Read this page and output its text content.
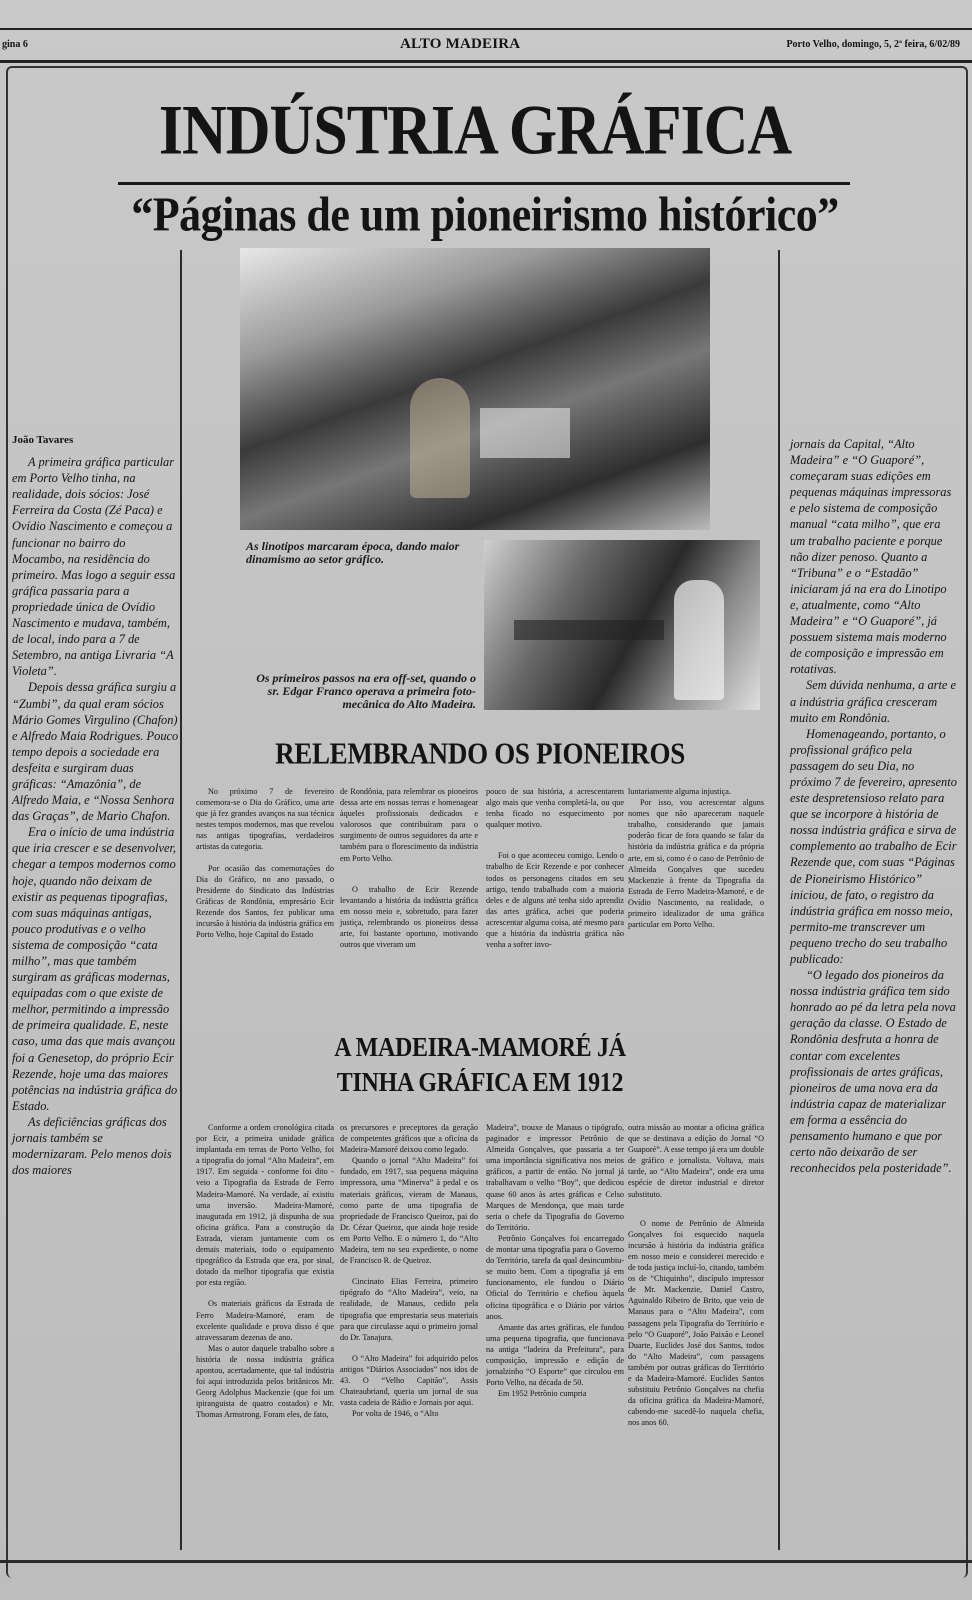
gina 6	ALTO MADEIRA	Porto Velho, domingo, 5, 2ª feira, 6/02/89
INDÚSTRIA GRÁFICA
“Páginas de um pioneirismo histórico”
João Tavares

A primeira gráfica particular em Porto Velho tinha, na realidade, dois sócios: José Ferreira da Costa (Zé Paca) e Ovídio Nascimento e começou a funcionar no bairro do Mocambo, na residência do primeiro. Mas logo a seguir essa gráfica passaria para a propriedade única de Ovídio Nascimento e mudava, também, de local, indo para a 7 de Setembro, na antiga Livraria “A Violeta”.

Depois dessa gráfica surgiu a “Zumbi”, da qual eram sócios Mário Gomes Virgulino (Chafon) e Alfredo Maia Rodrigues. Pouco tempo depois a sociedade era desfeita e surgiram duas gráficas: “Amazônia”, de Alfredo Maia, e “Nossa Senhora das Graças”, de Mario Chafon.

Era o início de uma indústria que iria crescer e se desenvolver, chegar a tempos modernos como hoje, quando não deixam de existir as pequenas tipografias, com suas máquinas antigas, pouco produtivas e o velho sistema de composição “cata milho”, mas que também surgiram as gráficas modernas, equipadas com o que existe de melhor, permitindo a impressão de primeira qualidade. E, neste caso, uma das que mais avançou foi a Genesetop, do próprio Ecir Rezende, hoje uma das maiores potências na indústria gráfica do Estado.

As deficiências gráficas dos jornais também se modernizaram. Pelo menos dois dos maiores

jornais da Capital, “Alto Madeira” e “O Guaporé”, começaram suas edições em pequenas máquinas impressoras e pelo sistema de composição manual “cata milho”, que era um trabalho paciente e porque não dizer penoso. Quanto a “Tribuna” e o “Estadão” iniciaram já na era do Linotipo e, atualmente, como “Alto Madeira” e “O Guaporé”, já possuem sistema mais moderno de composição e impressão em rotativas.

Sem dúvida nenhuma, a arte e a indústria gráfica cresceram muito em Rondônia.

Homenageando, portanto, o profissional gráfico pela passagem do seu Dia, no próximo 7 de fevereiro, apresento este despretensioso relato para que se incorpore à história de nossa indústria gráfica e sirva de complemento ao trabalho de Ecir Rezende que, com suas “Páginas de Pioneirismo Histórico” iniciou, de fato, o registro da indústria gráfica em nosso meio, permito-me transcrever um pequeno trecho do seu trabalho publicado:

“O legado dos pioneiros da nossa indústria gráfica tem sido honrado ao pé da letra pela nova geração da classe. O Estado de Rondônia desfruta a honra de contar com excelentes profissionais de artes gráficas, pioneiros de uma nova era da indústria capaz de materializar em forma a essência do pensamento humano e que por certo não deixarão de ser reconhecidos pela posteridade”.

As linotipos marcaram época, dando maior dinamismo ao setor gráfico.
Os primeiros passos na era off-set, quando o sr. Edgar Franco operava a primeira foto-mecânica do Alto Madeira.
RELEMBRANDO OS PIONEIROS

No próximo 7 de fevereiro comemora-se o Dia do Gráfico, uma arte que já fez grandes avanços na sua técnica nestes tempos modernos, mas que revelou nas antigas tipografias, verdadeiros artistas da categoria.

Por ocasião das comemorações do Dia do Gráfico, no ano passado, o Presidente do Sindicato das Indústrias Gráficas de Rondônia, empresário Ecir Rezende dos Santos, fez publicar uma incursão à história da indústria gráfica em Porto Velho, hoje Capital do Estado

de Rondônia, para relembrar os pioneiros dessa arte em nossas terras e homenagear àqueles profissionais dedicados e valorosos que contribuíram para o surgimento de outros seguidores da arte e também para o florescimento da indústria em Porto Velho.

O trabalho de Ecir Rezende levantando a história da indústria gráfica em nosso meio e, sobretudo, para fazer justiça, relembrando os pioneiros dessa arte, foi bastante oportuno, motivando outros que viveram um

pouco de sua história, a acrescentarem algo mais que venha completá-la, ou que tenha ficado no esquecimento por qualquer motivo.

Foi o que aconteceu comigo. Lendo o trabalho de Ecir Rezende e por conhecer todos os personagens citados em seu artigo, tendo trabalhado com a maioria deles e de alguns até tenha sido aprendiz das artes gráfica, achei que poderia acrescentar alguma coisa, até mesmo para que a história da indústria gráfica não venha a sofrer invo-

luntariamente alguma injustiça.

Por isso, vou acrescentar alguns nomes que não apareceram naquele trabalho, considerando que jamais poderão ficar de fora quando se falar da história da indústria gráfica e da própria arte, em si, como é o caso de Petrônio de Almeida Gonçalves que sucedeu Mackenzie à frente da Tipografia da Estrada de Ferro Madeira-Mamoré, e de Ovídio Nascimento, na realidade, o primeiro idealizador de uma gráfica particular em Porto Velho.

A MADEIRA-MAMORÉ JÁ
TINHA GRÁFICA EM 1912

Conforme a ordem cronológica citada por Ecir, a primeira unidade gráfica implantada em terras de Porto Velho, foi a tipografia do jornal “Alto Madeira”, em 1917. Em seguida - conforme foi dito - veio a Tipografia da Estrada de Ferro Madeira-Mamoré. Na verdade, aí existiu uma inversão. Madeira-Mamoré, inaugurada em 1912, já dispunha de sua oficina gráfica. Para a construção da Estrada, vieram juntamente com os demais materiais, todo o equipamento tipográfico da Estrada que era, por sinal, dotado da melhor tipografia que existia por esta região.

Os materiais gráficos da Estrada de Ferro Madeira-Mamoré, eram de excelente qualidade e prova disso é que atravessaram dezenas de ano.

Mas o autor daquele trabalho sobre a história de nossa indústria gráfica apontou, acertadamente, que tal indústria foi aqui introduzida pelos britânicos Mr. Georg Adolphus Mackenzie (que foi um ipiranguista de quatro costados) e Mr. Thomas Armstrong. Foram eles, de fato,

os precursores e preceptores da geração de competentes gráficos que a oficina da Madeira-Mamoré deixou como legado.

Quando o jornal “Alto Madeira” foi fundado, em 1917, sua pequena máquina impressora, uma “Minerva” à pedal e os materiais gráficos, vieram de Manaus, como parte de uma tipografia de propriedade de Francisco Queiroz, pai do Dr. Cézar Queiroz, que ainda hoje reside em Porto Velho. E o número 1, do “Alto Madeira, tem no seu expediente, o nome de Francisco R. de Queiroz.

Cincinato Elias Ferreira, primeiro tipógrafo do “Alto Madeira”, veio, na realidade, de Manaus, cedido pela tipografia que emprestaria seus materiais para que circulasse aqui o primeiro jornal do Dr. Tanajura.

O “Alto Madeira” foi adquirido pelos antigos “Diários Associados” nos idos de 43. O “Velho Capitão”, Assis Chateaubriand, queria um jornal de sua vasta cadeia de Rádio e Jornais por aqui.

Por volta de 1946, o “Alto

Madeira”, trouxe de Manaus o tipógrafo, paginador e impressor Petrônio de Almeida Gonçalves, que passaria a ter uma importância significativa nos meios gráficos, a partir de então. No jornal já trabalhavam o velho “Boy”, que dedicou quase 60 anos às artes gráficas e Celso Marques de Mendonça, que mais tarde seria o chefe da Tipografia do Governo do Território.

Petrônio Gonçalves foi encarregado de montar uma tipografia para o Governo do Território, tarefa da qual desincumbiu-se muito bem. Com a tipografia já em funcionamento, ele fundou o Diário Oficial do Território e chefiou àquela oficina tipográfica e o Diário por vários anos.

Amante das artes gráficas, ele fundou uma pequena tipografia, que funcionava na antiga “ladeira da Prefeitura”, para composição, impressão e edição de jornalzinho “O Esporte” que circulou em Porto Velho, na década de 50.

Em 1952 Petrônio cumpria

outra missão ao montar a oficina gráfica que se destinava a edição do Jornal “O Guaporé”. A esse tempo já era um double de gráfico e jornalista. Voltava, mais tarde, ao “Alto Madeira”, onde era uma espécie de diretor industrial e diretor substituto.

O nome de Petrônio de Almeida Gonçalves foi esquecido naquela incursão à história da indústria gráfica em nosso meio e considerei merecido e de toda justiça incluí-lo, citando, também os de “Chiquinho”, discípulo impressor de Mr. Mackenzie, Daniel Castro, Aguinaldo Ribeiro de Brito, que veio de Manaus para o “Alto Madeira”, com passagens pela Tipografia do Território e pelo “O Guaporé”, João Paixão e Leonel Duarte, Euclides José dos Santos, todos do “Alto Madeira”, com passagens também por outras gráficas do Território e da Madeira-Mamoré. Euclides Santos substituiu Petrônio Gonçalves na chefia da oficina gráfica da Madeira-Mamoré, cabendo-me sucedê-lo naquela chefia, nos anos 60.
